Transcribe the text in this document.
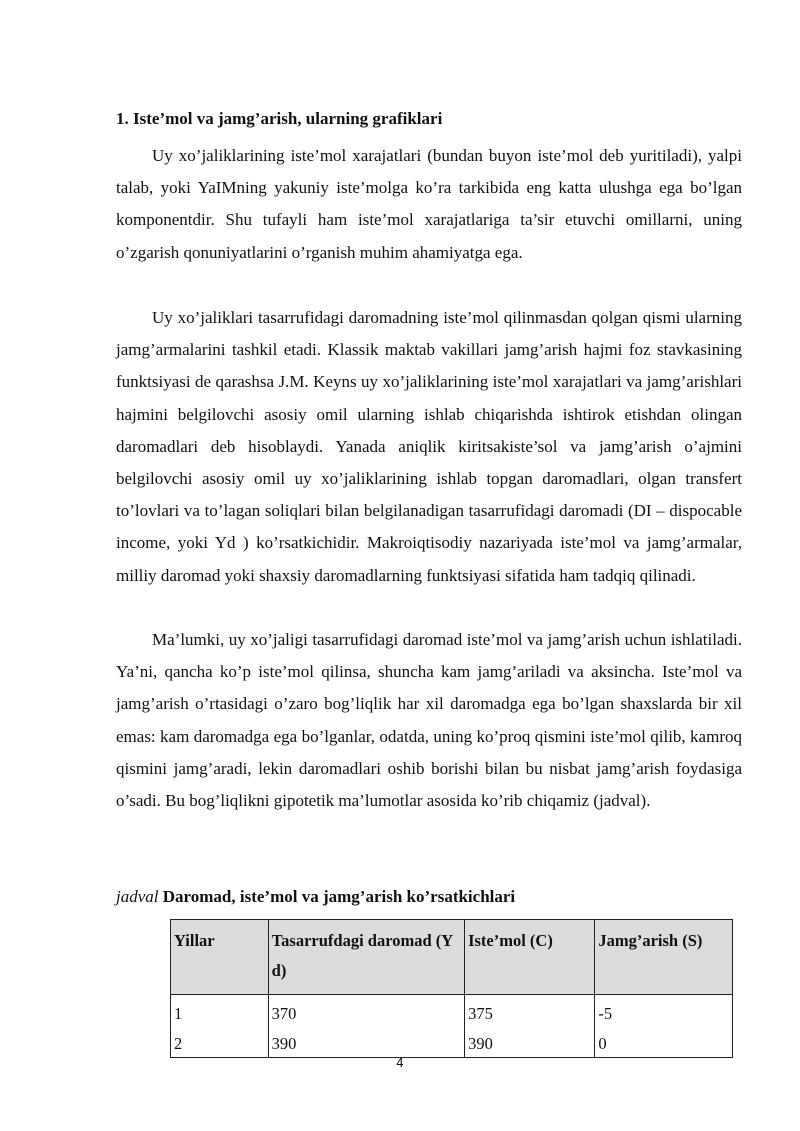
1. Iste’mol va jamg’arish, ularning grafiklari

Uy xo’jaliklarining iste’mol xarajatlari (bundan buyon iste’mol deb yuritiladi), yalpi talab, yoki YaIMning yakuniy iste’molga ko’ra tarkibida eng katta ulushga ega bo’lgan komponentdir. Shu tufayli ham iste’mol xarajatlariga ta’sir etuvchi omillarni, uning o’zgarish qonuniyatlarini o’rganish muhim ahamiyatga ega.

Uy xo’jaliklari tasarrufidagi daromadning iste’mol qilinmasdan qolgan qismi ularning jamg’armalarini tashkil etadi. Klassik maktab vakillari jamg’arish hajmi foz stavkasining funktsiyasi de qarashsa J.M. Keyns uy xo’jaliklarining iste’mol xarajatlari va jamg’arishlari hajmini belgilovchi asosiy omil ularning ishlab chiqarishda ishtirok etishdan olingan daromadlari deb hisoblaydi. Yanada aniqlik kiritsakiste’sol va jamg’arish o’ajmini belgilovchi asosiy omil uy xo’jaliklarining ishlab topgan daromadlari, olgan transfert to’lovlari va to’lagan soliqlari bilan belgilanadigan tasarrufidagi daromadi (DI – dispocable income, yoki Yd ) ko’rsatkichidir. Makroiqtisodiy nazariyada iste’mol va jamg’armalar, milliy daromad yoki shaxsiy daromadlarning funktsiyasi sifatida ham tadqiq qilinadi.

Ma’lumki, uy xo’jaligi tasarrufidagi daromad iste’mol va jamg’arish uchun ishlatiladi. Ya’ni, qancha ko’p iste’mol qilinsa, shuncha kam jamg’ariladi va aksincha. Iste’mol va jamg’arish o’rtasidagi o’zaro bog’liqlik har xil daromadga ega bo’lgan shaxslarda bir xil emas: kam daromadga ega bo’lganlar, odatda, uning ko’proq qismini iste’mol qilib, kamroq qismini jamg’aradi, lekin daromadlari oshib borishi bilan bu nisbat jamg’arish foydasiga o’sadi. Bu bog’liqlikni gipotetik ma’lumotlar asosida ko’rib chiqamiz (jadval).

jadval Daromad, iste’mol va jamg’arish ko’rsatkichlari
Yillar	Tasarrufdagi daromad (Y d)	Iste’mol (C)	Jamg’arish (S)
1	370	375	-5
2	390	390	0
4
